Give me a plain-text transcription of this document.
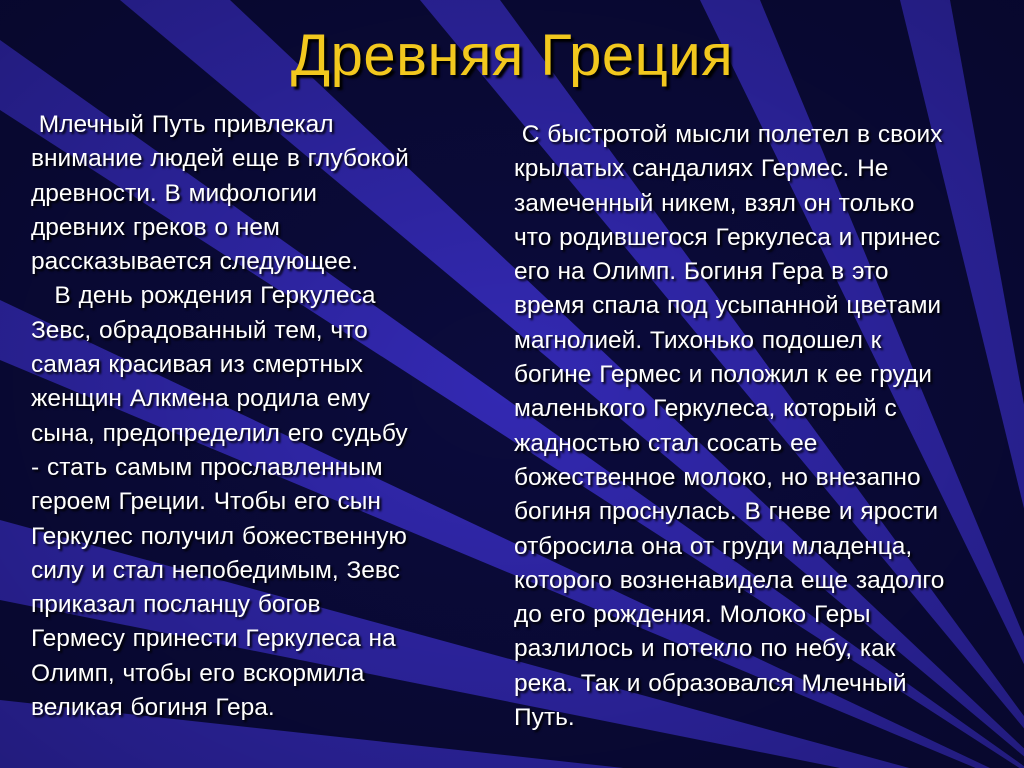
Древняя Греция
Млечный Путь привлекал
внимание людей еще в глубокой
древности. В мифологии
древних греков о нем
рассказывается следующее.
В день рождения Геркулеса
Зевс, обрадованный тем, что
самая красивая из смертных
женщин Алкмена родила ему
сына, предопределил его судьбу
- стать самым прославленным
героем Греции. Чтобы его сын
Геркулес получил божественную
силу и стал непобедимым, Зевс
приказал посланцу богов
Гермесу принести Геркулеса на
Олимп, чтобы его вскормила
великая богиня Гера.
С быстротой мысли полетел в своих
крылатых сандалиях Гермес. Не
замеченный никем, взял он только
что родившегося Геркулеса и принес
его на Олимп. Богиня Гера в это
время спала под усыпанной цветами
магнолией. Тихонько подошел к
богине Гермес и положил к ее груди
маленького Геркулеса, который с
жадностью стал сосать ее
божественное молоко, но внезапно
богиня проснулась. В гневе и ярости
отбросила она от груди младенца,
которого возненавидела еще задолго
до его рождения. Молоко Геры
разлилось и потекло по небу, как
река. Так и образовался Млечный
Путь.
